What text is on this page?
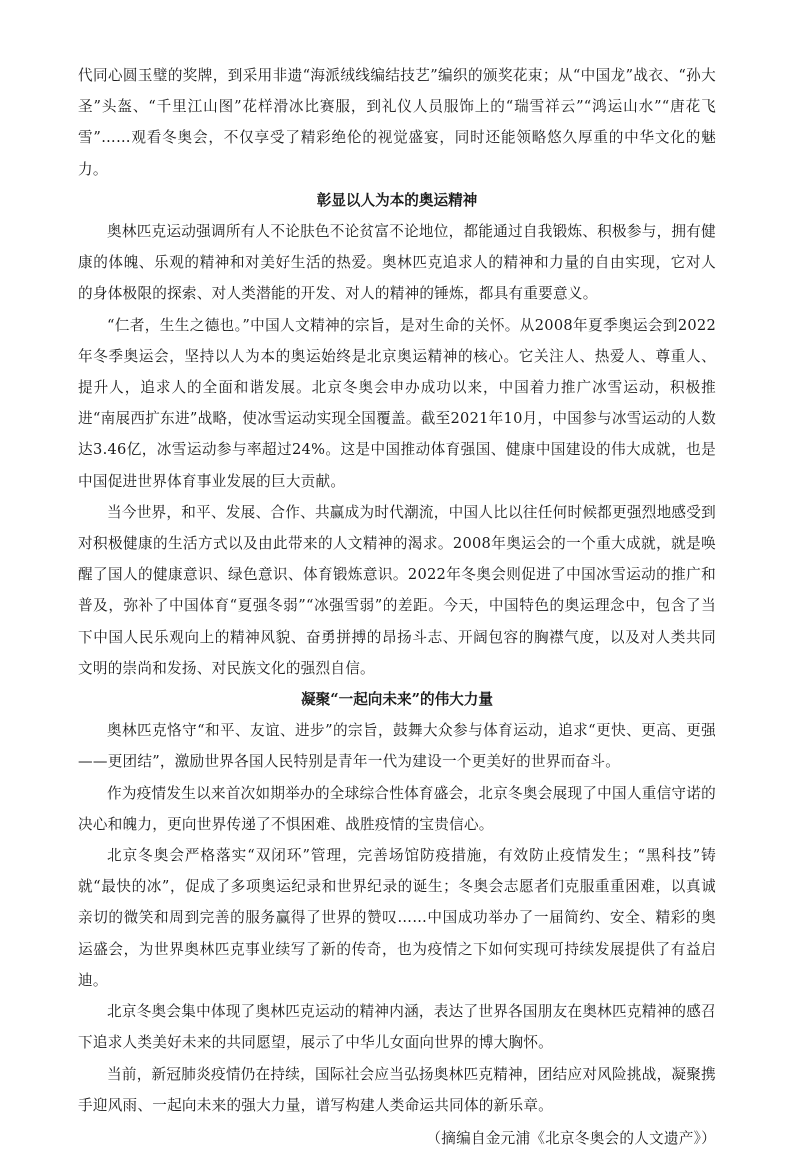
代同心圆玉璧的奖牌，到采用非遗“海派绒线编结技艺”编织的颁奖花束；从“中国龙”战衣、“孙大圣”头盔、“千里江山图”花样滑冰比赛服，到礼仪人员服饰上的“瑞雪祥云”“鸿运山水”“唐花飞雪”……观看冬奥会，不仅享受了精彩绝伦的视觉盛宴，同时还能领略悠久厚重的中华文化的魅力。

彰显以人为本的奥运精神

奥林匹克运动强调所有人不论肤色不论贫富不论地位，都能通过自我锻炼、积极参与，拥有健康的体魄、乐观的精神和对美好生活的热爱。奥林匹克追求人的精神和力量的自由实现，它对人的身体极限的探索、对人类潜能的开发、对人的精神的锤炼，都具有重要意义。

“仁者，生生之德也。”中国人文精神的宗旨，是对生命的关怀。从2008年夏季奥运会到2022年冬季奥运会，坚持以人为本的奥运始终是北京奥运精神的核心。它关注人、热爱人、尊重人、提升人，追求人的全面和谐发展。北京冬奥会申办成功以来，中国着力推广冰雪运动，积极推进“南展西扩东进”战略，使冰雪运动实现全国覆盖。截至2021年10月，中国参与冰雪运动的人数达3.46亿，冰雪运动参与率超过24%。这是中国推动体育强国、健康中国建设的伟大成就，也是中国促进世界体育事业发展的巨大贡献。

当今世界，和平、发展、合作、共赢成为时代潮流，中国人比以往任何时候都更强烈地感受到对积极健康的生活方式以及由此带来的人文精神的渴求。2008年奥运会的一个重大成就，就是唤醒了国人的健康意识、绿色意识、体育锻炼意识。2022年冬奥会则促进了中国冰雪运动的推广和普及，弥补了中国体育“夏强冬弱”“冰强雪弱”的差距。今天，中国特色的奥运理念中，包含了当下中国人民乐观向上的精神风貌、奋勇拼搏的昂扬斗志、开阔包容的胸襟气度，以及对人类共同文明的崇尚和发扬、对民族文化的强烈自信。

凝聚“一起向未来”的伟大力量

奥林匹克恪守“和平、友谊、进步”的宗旨，鼓舞大众参与体育运动，追求“更快、更高、更强——更团结”，激励世界各国人民特别是青年一代为建设一个更美好的世界而奋斗。

作为疫情发生以来首次如期举办的全球综合性体育盛会，北京冬奥会展现了中国人重信守诺的决心和魄力，更向世界传递了不惧困难、战胜疫情的宝贵信心。

北京冬奥会严格落实“双闭环”管理，完善场馆防疫措施，有效防止疫情发生；“黑科技”铸就“最快的冰”，促成了多项奥运纪录和世界纪录的诞生；冬奥会志愿者们克服重重困难，以真诚亲切的微笑和周到完善的服务赢得了世界的赞叹……中国成功举办了一届简约、安全、精彩的奥运盛会，为世界奥林匹克事业续写了新的传奇，也为疫情之下如何实现可持续发展提供了有益启迪。

北京冬奥会集中体现了奥林匹克运动的精神内涵，表达了世界各国朋友在奥林匹克精神的感召下追求人类美好未来的共同愿望，展示了中华儿女面向世界的博大胸怀。

当前，新冠肺炎疫情仍在持续，国际社会应当弘扬奥林匹克精神，团结应对风险挑战，凝聚携手迎风雨、一起向未来的强大力量，谱写构建人类命运共同体的新乐章。

（摘编自金元浦《北京冬奥会的人文遗产》）
